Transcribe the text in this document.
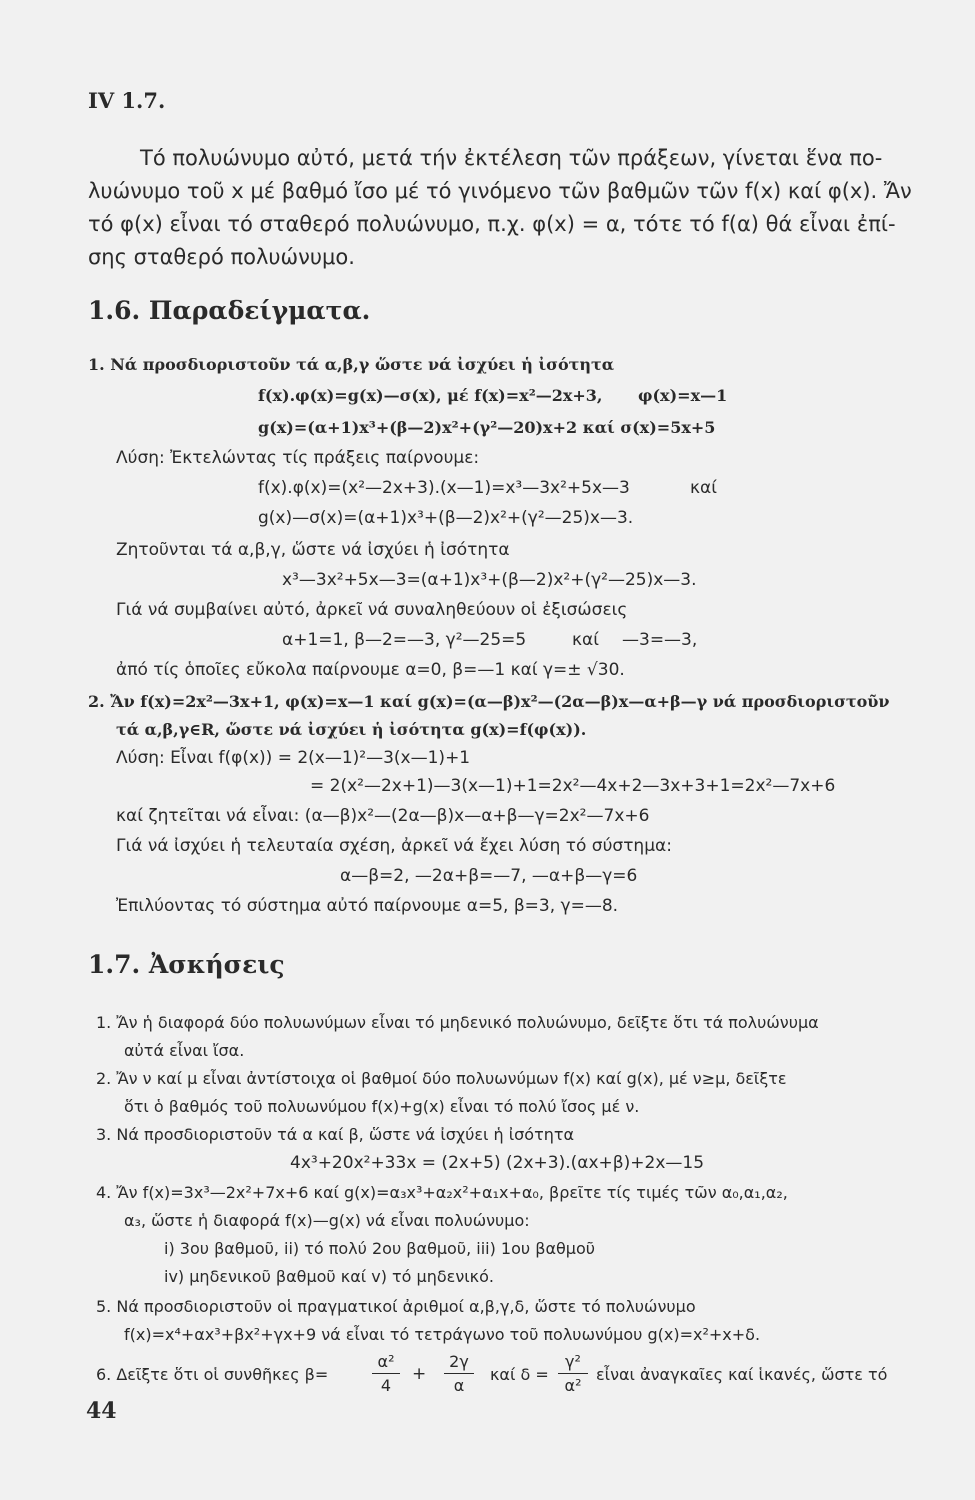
IV 1.7.
Τό πολυώνυμο αὐτό, μετά τήν ἐκτέλεση τῶν πράξεων, γίνεται ἕνα πο-
λυώνυμο τοῦ x μέ βαθμό ἴσο μέ τό γινόμενο τῶν βαθμῶν τῶν f(x) καί φ(x). Ἄν
τό φ(x) εἶναι τό σταθερό πολυώνυμο, π.χ. φ(x) = α, τότε τό f(α) θά εἶναι ἐπί-
σης σταθερό πολυώνυμο.
1.6. Παραδείγματα.
1. Νά προσδιοριστοῦν τά α,β,γ ὥστε νά ἰσχύει ἡ ἰσότητα
f(x).φ(x)=g(x)—σ(x), μέ f(x)=x²—2x+3, φ(x)=x—1
g(x)=(α+1)x³+(β—2)x²+(γ²—20)x+2 καί σ(x)=5x+5
Λύση: Ἐκτελώντας τίς πράξεις παίρνουμε:
f(x).φ(x)=(x²—2x+3).(x—1)=x³—3x²+5x—3	καί
g(x)—σ(x)=(α+1)x³+(β—2)x²+(γ²—25)x—3.
Ζητοῦνται τά α,β,γ, ὥστε νά ἰσχύει ἡ ἰσότητα
x³—3x²+5x—3=(α+1)x³+(β—2)x²+(γ²—25)x—3.
Γιά νά συμβαίνει αὐτό, ἀρκεῖ νά συναληθεύουν οἱ ἐξισώσεις
α+1=1, β—2=—3, γ²—25=5	καί —3=—3,
ἀπό τίς ὁποῖες εὔκολα παίρνουμε α=0, β=—1 καί γ=± √30.
2. Ἄν f(x)=2x²—3x+1, φ(x)=x—1 καί g(x)=(α—β)x²—(2α—β)x—α+β—γ νά προσδιοριστοῦν
τά α,β,γ∈R, ὥστε νά ἰσχύει ἡ ἰσότητα g(x)=f(φ(x)).
Λύση: Εἶναι f(φ(x)) = 2(x—1)²—3(x—1)+1
= 2(x²—2x+1)—3(x—1)+1=2x²—4x+2—3x+3+1=2x²—7x+6
καί ζητεῖται νά εἶναι: (α—β)x²—(2α—β)x—α+β—γ=2x²—7x+6
Γιά νά ἰσχύει ἡ τελευταία σχέση, ἀρκεῖ νά ἔχει λύση τό σύστημα:
α—β=2, —2α+β=—7, —α+β—γ=6
Ἐπιλύοντας τό σύστημα αὐτό παίρνουμε α=5, β=3, γ=—8.
1.7. Ἀσκήσεις
1. Ἄν ἡ διαφορά δύο πολυωνύμων εἶναι τό μηδενικό πολυώνυμο, δεῖξτε ὅτι τά πολυώνυμα
αὐτά εἶναι ἴσα.
2. Ἄν ν καί μ εἶναι ἀντίστοιχα οἱ βαθμοί δύο πολυωνύμων f(x) καί g(x), μέ ν≥μ, δεῖξτε
ὅτι ὁ βαθμός τοῦ πολυωνύμου f(x)+g(x) εἶναι τό πολύ ἴσος μέ ν.
3. Νά προσδιοριστοῦν τά α καί β, ὥστε νά ἰσχύει ἡ ἰσότητα
4x³+20x²+33x = (2x+5) (2x+3).(αx+β)+2x—15
4. Ἄν f(x)=3x³—2x²+7x+6 καί g(x)=α₃x³+α₂x²+α₁x+α₀, βρεῖτε τίς τιμές τῶν α₀,α₁,α₂,
α₃, ὥστε ἡ διαφορά f(x)—g(x) νά εἶναι πολυώνυμο:
i) 3ου βαθμοῦ, ii) τό πολύ 2ου βαθμοῦ, iii) 1ου βαθμοῦ
iv) μηδενικοῦ βαθμοῦ καί v) τό μηδενικό.
5. Νά προσδιοριστοῦν οἱ πραγματικοί ἀριθμοί α,β,γ,δ, ὥστε τό πολυώνυμο
f(x)=x⁴+αx³+βx²+γx+9 νά εἶναι τό τετράγωνο τοῦ πολυωνύμου g(x)=x²+x+δ.
6. Δεῖξτε ὅτι οἱ συνθῆκες β=
α²
4
+
2γ
α
καί δ =
γ²
α²
εἶναι ἀναγκαῖες καί ἱκανές, ὥστε τό
44
